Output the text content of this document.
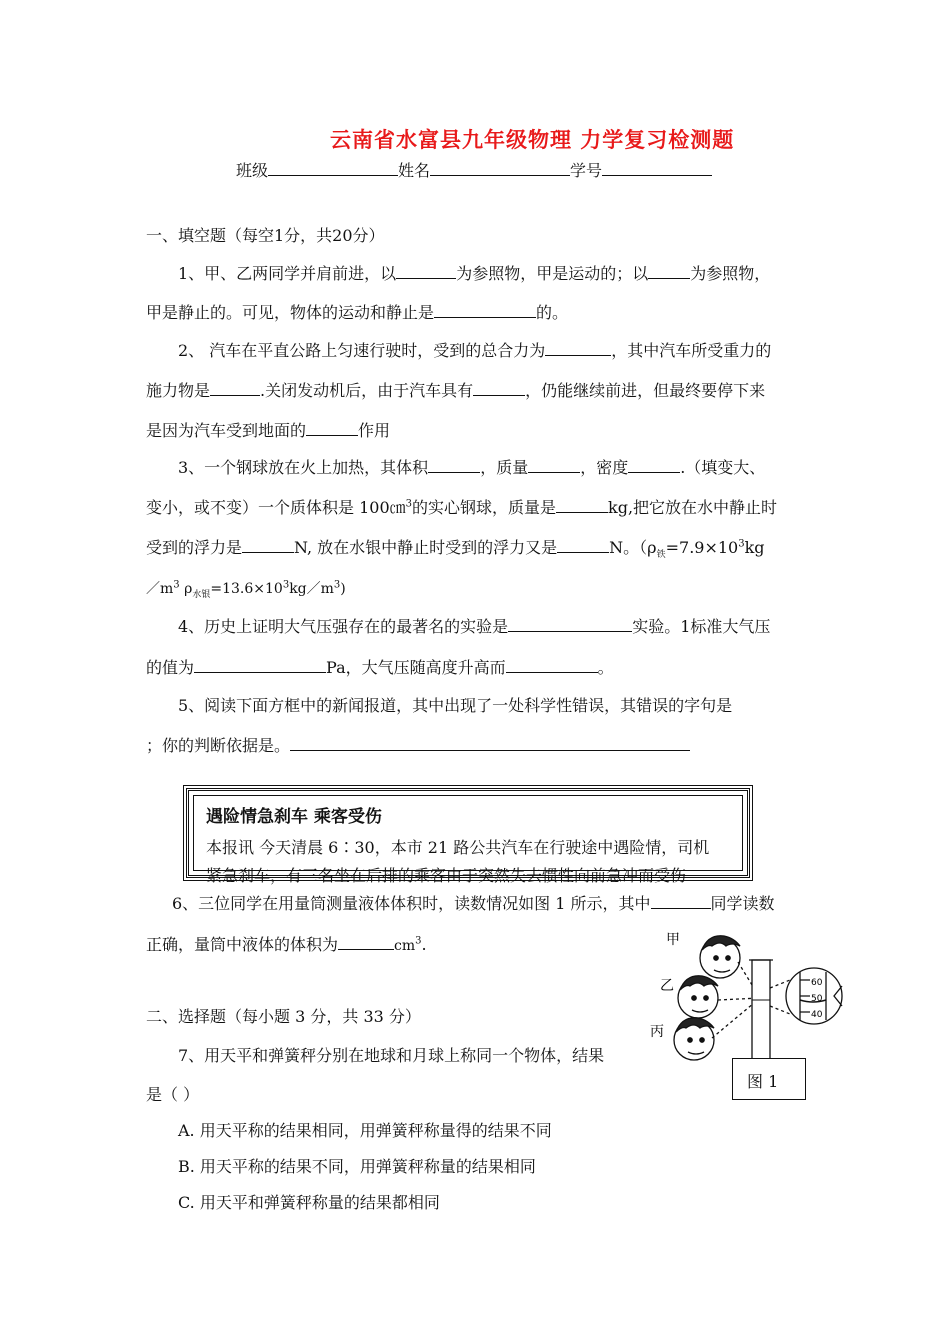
云南省水富县九年级物理 力学复习检测题
班级	姓名	学号
一、填空题（每空1分，共20分）
1、甲、乙两同学并肩前进，以	为参照物，甲是运动的；以	为参照物，
甲是静止的。可见，物体的运动和静止是	的。
2、 汽车在平直公路上匀速行驶时，受到的总合力为	，其中汽车所受重力的
施力物是	.关闭发动机后，由于汽车具有	，仍能继续前进，但最终要停下来
是因为汽车受到地面的	作用
3、一个钢球放在火上加热，其体积	，质量	，密度	.（填变大、
变小，或不变）一个质体积是 100㎝$^3$的实心钢球，质量是	kg,把它放在水中静止时
受到的浮力是	N, 放在水银中静止时受到的浮力又是	N。（$\rho_铁=7.9\times 10^3kg$
$/m^3$ $\rho_{水银}=13.6\times 10^3kg/m^3$)
4、历史上证明大气压强存在的最著名的实验是	实验。1标准大气压
的值为	Pa，大气压随高度升高而	。
5、阅读下面方框中的新闻报道，其中出现了一处科学性错误，其错误的字句是
；你的判断依据是。
遇险情急刹车 乘客受伤
本报讯 今天清晨 6∶30，本市 21 路公共汽车在行驶途中遇险情，司机
紧急刹车，有三名坐在后排的乘客由于突然失去惯性向前急冲而受伤
6、三位同学在用量筒测量液体体积时，读数情况如图 1 所示，其中	同学读数
正确，量筒中液体的体积为	$cm^3$.	甲
乙
丙
60
50
40
图 1
二、选择题（每小题 3 分，共 33 分）
7、用天平和弹簧秤分别在地球和月球上称同一个物体，结果
是（ ）
A. 用天平称的结果相同，用弹簧秤称量得的结果不同
B. 用天平称的结果不同，用弹簧秤称量的结果相同
C. 用天平和弹簧秤称量的结果都相同
